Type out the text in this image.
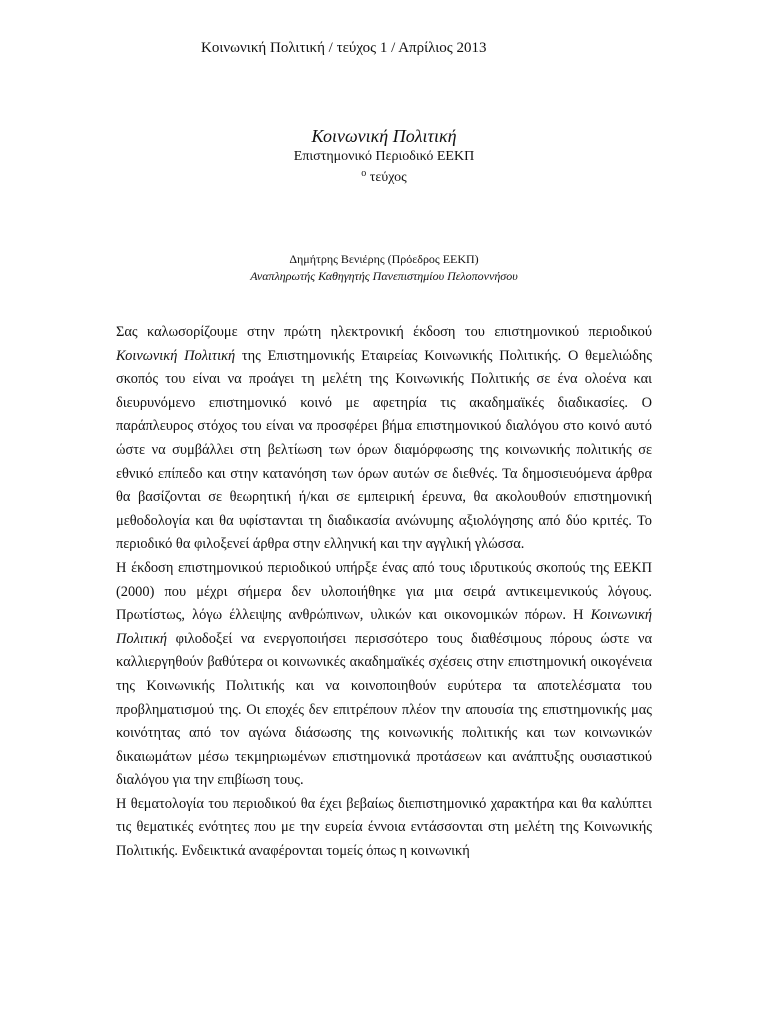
Κοινωνική Πολιτική / τεύχος 1 / Απρίλιος 2013
Κοινωνική Πολιτική
Επιστημονικό Περιοδικό ΕΕΚΠ
$^o$ τεύχος
Δημήτρης Βενιέρης (Πρόεδρος ΕΕΚΠ)
Αναπληρωτής Καθηγητής Πανεπιστημίου Πελοποννήσου

Σας καλωσορίζουμε στην πρώτη ηλεκτρονική έκδοση του επιστημονικού περιοδικού Κοινωνική Πολιτική της Επιστημονικής Εταιρείας Κοινωνικής Πολιτικής. Ο θεμελιώδης σκοπός του είναι να προάγει τη μελέτη της Κοινωνικής Πολιτικής σε ένα ολοένα και διευρυνόμενο επιστημονικό κοινό με αφετηρία τις ακαδημαϊκές διαδικασίες. Ο παράπλευρος στόχος του είναι να προσφέρει βήμα επιστημονικού διαλόγου στο κοινό αυτό ώστε να συμβάλλει στη βελτίωση των όρων διαμόρφωσης της κοινωνικής πολιτικής σε εθνικό επίπεδο και στην κατανόηση των όρων αυτών σε διεθνές. Τα δημοσιευόμενα άρθρα θα βασίζονται σε θεωρητική ή/και σε εμπειρική έρευνα, θα ακολουθούν επιστημονική μεθοδολογία και θα υφίστανται τη διαδικασία ανώνυμης αξιολόγησης από δύο κριτές. Το περιοδικό θα φιλοξενεί άρθρα στην ελληνική και την αγγλική γλώσσα.

Η έκδοση επιστημονικού περιοδικού υπήρξε ένας από τους ιδρυτικούς σκοπούς της ΕΕΚΠ (2000) που μέχρι σήμερα δεν υλοποιήθηκε για μια σειρά αντικειμενικούς λόγους. Πρωτίστως, λόγω έλλειψης ανθρώπινων, υλικών και οικονομικών πόρων. Η Κοινωνική Πολιτική φιλοδοξεί να ενεργοποιήσει περισσότερο τους διαθέσιμους πόρους ώστε να καλλιεργηθούν βαθύτερα οι κοινωνικές ακαδημαϊκές σχέσεις στην επιστημονική οικογένεια της Κοινωνικής Πολιτικής και να κοινοποιηθούν ευρύτερα τα αποτελέσματα του προβληματισμού της. Οι εποχές δεν επιτρέπουν πλέον την απουσία της επιστημονικής μας κοινότητας από τον αγώνα διάσωσης της κοινωνικής πολιτικής και των κοινωνικών δικαιωμάτων μέσω τεκμηριωμένων επιστημονικά προτάσεων και ανάπτυξης ουσιαστικού διαλόγου για την επιβίωση τους.

Η θεματολογία του περιοδικού θα έχει βεβαίως διεπιστημονικό χαρακτήρα και θα καλύπτει τις θεματικές ενότητες που με την ευρεία έννοια εντάσσονται στη μελέτη της Κοινωνικής Πολιτικής. Ενδεικτικά αναφέρονται τομείς όπως η κοινωνική
